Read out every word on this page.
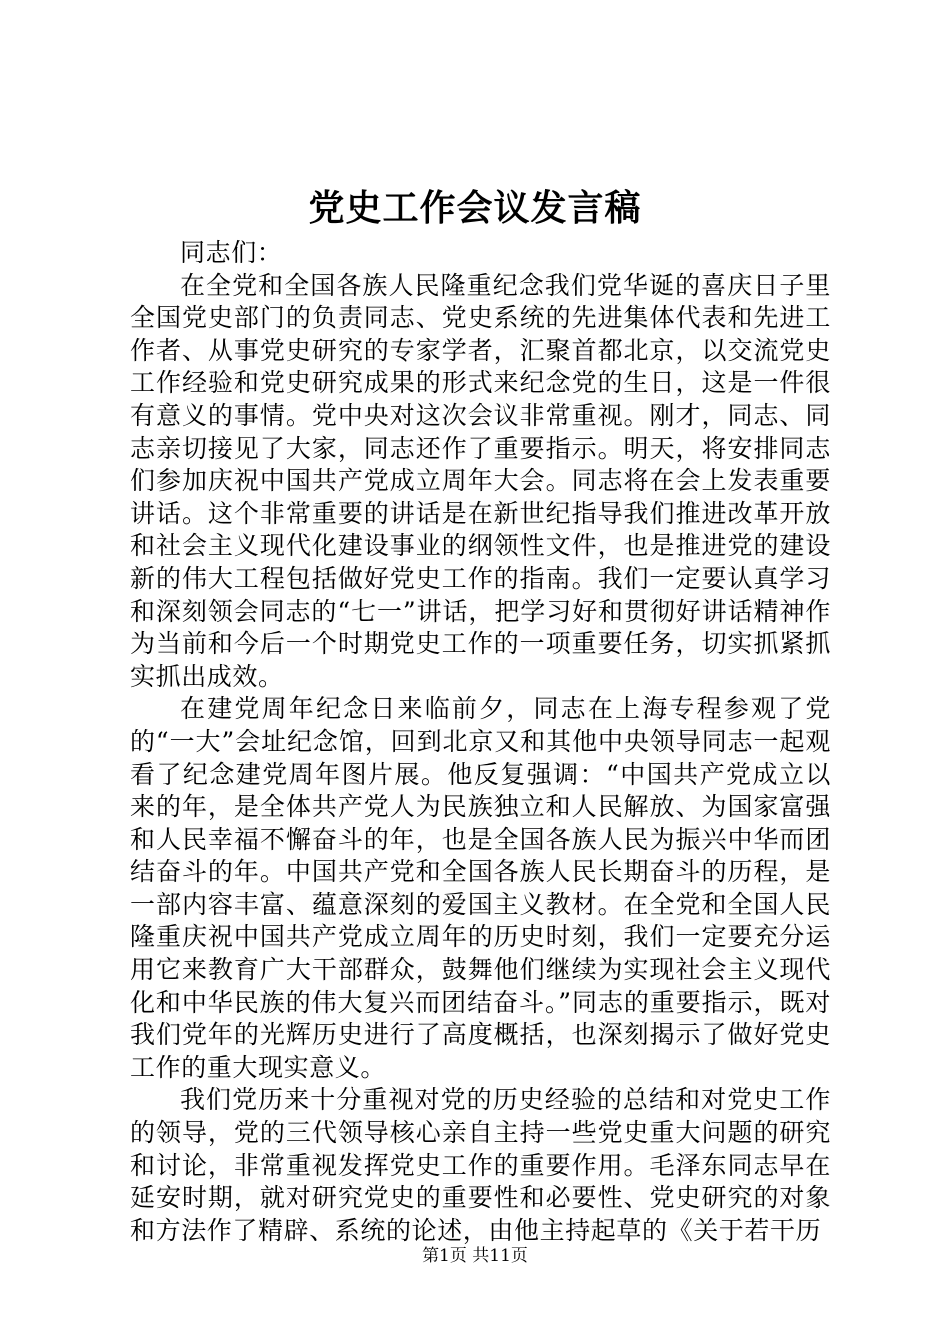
党史工作会议发言稿

同志们：

在全党和全国各族人民隆重纪念我们党华诞的喜庆日子里全国党史部门的负责同志、党史系统的先进集体代表和先进工作者、从事党史研究的专家学者，汇聚首都北京，以交流党史工作经验和党史研究成果的形式来纪念党的生日，这是一件很有意义的事情。党中央对这次会议非常重视。刚才，同志、同志亲切接见了大家，同志还作了重要指示。明天，将安排同志们参加庆祝中国共产党成立周年大会。同志将在会上发表重要讲话。这个非常重要的讲话是在新世纪指导我们推进改革开放和社会主义现代化建设事业的纲领性文件，也是推进党的建设新的伟大工程包括做好党史工作的指南。我们一定要认真学习和深刻领会同志的“七一”讲话，把学习好和贯彻好讲话精神作为当前和今后一个时期党史工作的一项重要任务，切实抓紧抓实抓出成效。

在建党周年纪念日来临前夕，同志在上海专程参观了党的“一大”会址纪念馆，回到北京又和其他中央领导同志一起观看了纪念建党周年图片展。他反复强调：“中国共产党成立以来的年，是全体共产党人为民族独立和人民解放、为国家富强和人民幸福不懈奋斗的年，也是全国各族人民为振兴中华而团结奋斗的年。中国共产党和全国各族人民长期奋斗的历程，是一部内容丰富、蕴意深刻的爱国主义教材。在全党和全国人民隆重庆祝中国共产党成立周年的历史时刻，我们一定要充分运用它来教育广大干部群众，鼓舞他们继续为实现社会主义现代化和中华民族的伟大复兴而团结奋斗。”同志的重要指示，既对我们党年的光辉历史进行了高度概括，也深刻揭示了做好党史工作的重大现实意义。

我们党历来十分重视对党的历史经验的总结和对党史工作的领导，党的三代领导核心亲自主持一些党史重大问题的研究和讨论，非常重视发挥党史工作的重要作用。毛泽东同志早在延安时期，就对研究党史的重要性和必要性、党史研究的对象和方法作了精辟、系统的论述，由他主持起草的《关于若干历

第1页 共11页
